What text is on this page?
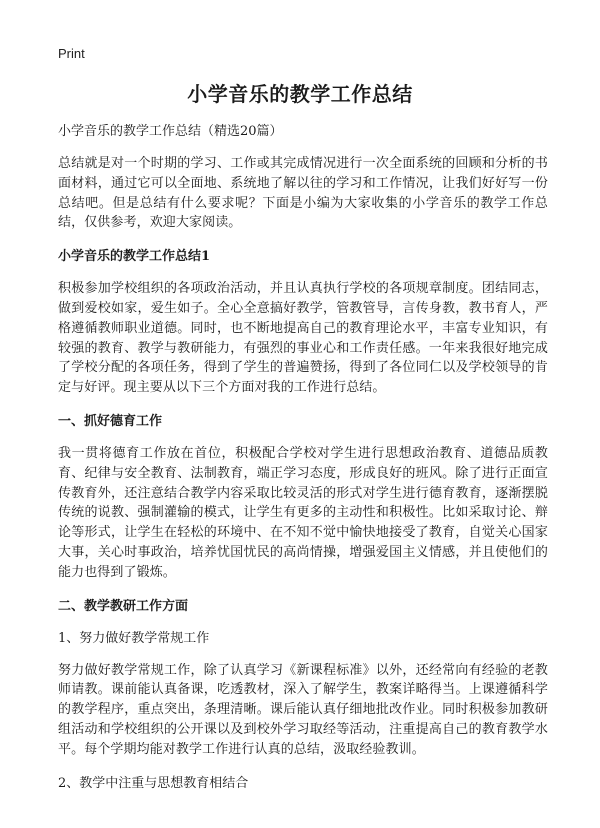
Print
小学音乐的教学工作总结
小学音乐的教学工作总结（精选20篇）

总结就是对一个时期的学习、工作或其完成情况进行一次全面系统的回顾和分析的书面材料，通过它可以全面地、系统地了解以往的学习和工作情况，让我们好好写一份总结吧。但是总结有什么要求呢？下面是小编为大家收集的小学音乐的教学工作总结，仅供参考，欢迎大家阅读。

小学音乐的教学工作总结1

积极参加学校组织的各项政治活动，并且认真执行学校的各项规章制度。团结同志，做到爱校如家，爱生如子。全心全意搞好教学，管教管导，言传身教，教书育人，严格遵循教师职业道德。同时，也不断地提高自己的教育理论水平，丰富专业知识，有较强的教育、教学与教研能力，有强烈的事业心和工作责任感。一年来我很好地完成了学校分配的各项任务，得到了学生的普遍赞扬，得到了各位同仁以及学校领导的肯定与好评。现主要从以下三个方面对我的工作进行总结。

一、抓好德育工作

我一贯将德育工作放在首位，积极配合学校对学生进行思想政治教育、道德品质教育、纪律与安全教育、法制教育，端正学习态度，形成良好的班风。除了进行正面宣传教育外，还注意结合教学内容采取比较灵活的形式对学生进行德育教育，逐渐摆脱传统的说教、强制灌输的模式，让学生有更多的主动性和积极性。比如采取讨论、辩论等形式，让学生在轻松的环境中、在不知不觉中愉快地接受了教育，自觉关心国家大事，关心时事政治，培养忧国忧民的高尚情操，增强爱国主义情感，并且使他们的能力也得到了锻炼。

二、教学教研工作方面
1、努力做好教学常规工作

努力做好教学常规工作，除了认真学习《新课程标准》以外，还经常向有经验的老教师请教。课前能认真备课，吃透教材，深入了解学生，教案详略得当。上课遵循科学的教学程序，重点突出，条理清晰。课后能认真仔细地批改作业。同时积极参加教研组活动和学校组织的公开课以及到校外学习取经等活动，注重提高自己的教育教学水平。每个学期均能对教学工作进行认真的总结，汲取经验教训。

2、教学中注重与思想教育相结合
